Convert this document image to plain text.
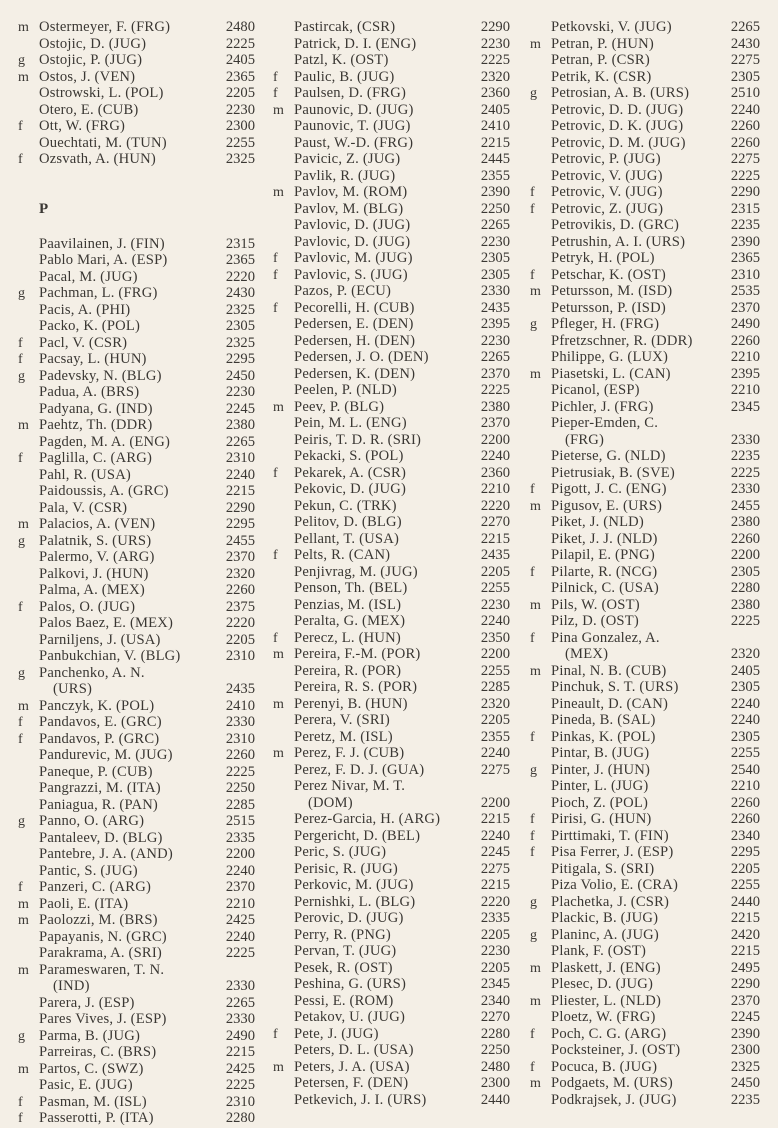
m Ostermeyer, F. (FRG)	2480
Ostojic, D. (JUG)	2225
g Ostojic, P. (JUG)	2405
m Ostos, J. (VEN)	2365
Ostrowski, L. (POL)	2205
Otero, E. (CUB)	2230
f Ott, W. (FRG)	2300
Ouechtati, M. (TUN)	2255
f Ozsvath, A. (HUN)	2325
P
Paavilainen, J. (FIN)	2315
Pablo Mari, A. (ESP)	2365
Pacal, M. (JUG)	2220
g Pachman, L. (FRG)	2430
Pacis, A. (PHI)	2325
Packo, K. (POL)	2305
f Pacl, V. (CSR)	2325
f Pacsay, L. (HUN)	2295
g Padevsky, N. (BLG)	2450
Padua, A. (BRS)	2230
Padyana, G. (IND)	2245
m Paehtz, Th. (DDR)	2380
Pagden, M. A. (ENG)	2265
f Paglilla, C. (ARG)	2310
Pahl, R. (USA)	2240
Paidoussis, A. (GRC)	2215
Pala, V. (CSR)	2290
m Palacios, A. (VEN)	2295
g Palatnik, S. (URS)	2455
Palermo, V. (ARG)	2370
Palkovi, J. (HUN)	2320
Palma, A. (MEX)	2260
f Palos, O. (JUG)	2375
Palos Baez, E. (MEX)	2220
Parniljens, J. (USA)	2205
Panbukchian, V. (BLG)	2310
g Panchenko, A. N.
(URS)	2435
m Panczyk, K. (POL)	2410
f Pandavos, E. (GRC)	2330
f Pandavos, P. (GRC)	2310
Pandurevic, M. (JUG)	2260
Paneque, P. (CUB)	2225
Pangrazzi, M. (ITA)	2250
Paniagua, R. (PAN)	2285
g Panno, O. (ARG)	2515
Pantaleev, D. (BLG)	2335
Pantebre, J. A. (AND)	2200
Pantic, S. (JUG)	2240
f Panzeri, C. (ARG)	2370
m Paoli, E. (ITA)	2210
m Paolozzi, M. (BRS)	2425
Papayanis, N. (GRC)	2240
Parakrama, A. (SRI)	2225
m Parameswaren, T. N.
(IND)	2330
Parera, J. (ESP)	2265
Pares Vives, J. (ESP)	2330
g Parma, B. (JUG)	2490
Parreiras, C. (BRS)	2215
m Partos, C. (SWZ)	2425
Pasic, E. (JUG)	2225
f Pasman, M. (ISL)	2310
f Passerotti, P. (ITA)	2280
Pastircak, (CSR)	2290
Patrick, D. I. (ENG)	2230
Patzl, K. (OST)	2225
f Paulic, B. (JUG)	2320
f Paulsen, D. (FRG)	2360
m Paunovic, D. (JUG)	2405
Paunovic, T. (JUG)	2410
Paust, W.-D. (FRG)	2215
Pavicic, Z. (JUG)	2445
Pavlik, R. (JUG)	2355
m Pavlov, M. (ROM)	2390
Pavlov, M. (BLG)	2250
Pavlovic, D. (JUG)	2265
Pavlovic, D. (JUG)	2230
f Pavlovic, M. (JUG)	2305
f Pavlovic, S. (JUG)	2305
Pazos, P. (ECU)	2330
f Pecorelli, H. (CUB)	2435
Pedersen, E. (DEN)	2395
Pedersen, H. (DEN)	2230
Pedersen, J. O. (DEN)	2265
Pedersen, K. (DEN)	2370
Peelen, P. (NLD)	2225
m Peev, P. (BLG)	2380
Pein, M. L. (ENG)	2370
Peiris, T. D. R. (SRI)	2200
Pekacki, S. (POL)	2240
f Pekarek, A. (CSR)	2360
Pekovic, D. (JUG)	2210
Pekun, C. (TRK)	2220
Pelitov, D. (BLG)	2270
Pellant, T. (USA)	2215
f Pelts, R. (CAN)	2435
Penjivrag, M. (JUG)	2205
Penson, Th. (BEL)	2255
Penzias, M. (ISL)	2230
Peralta, G. (MEX)	2240
f Perecz, L. (HUN)	2350
m Pereira, F.-M. (POR)	2200
Pereira, R. (POR)	2255
Pereira, R. S. (POR)	2285
m Perenyi, B. (HUN)	2320
Perera, V. (SRI)	2205
Peretz, M. (ISL)	2355
m Perez, F. J. (CUB)	2240
Perez, F. D. J. (GUA)	2275
Perez Nivar, M. T.
(DOM)	2200
Perez-Garcia, H. (ARG)	2215
Pergericht, D. (BEL)	2240
Peric, S. (JUG)	2245
Perisic, R. (JUG)	2275
Perkovic, M. (JUG)	2215
Pernishki, L. (BLG)	2220
Perovic, D. (JUG)	2335
Perry, R. (PNG)	2205
Pervan, T. (JUG)	2230
Pesek, R. (OST)	2205
Peshina, G. (URS)	2345
Pessi, E. (ROM)	2340
Petakov, U. (JUG)	2270
f Pete, J. (JUG)	2280
Peters, D. L. (USA)	2250
m Peters, J. A. (USA)	2480
Petersen, F. (DEN)	2300
Petkevich, J. I. (URS)	2440
Petkovski, V. (JUG)	2265
m Petran, P. (HUN)	2430
Petran, P. (CSR)	2275
Petrik, K. (CSR)	2305
g Petrosian, A. B. (URS)	2510
Petrovic, D. D. (JUG)	2240
Petrovic, D. K. (JUG)	2260
Petrovic, D. M. (JUG)	2260
Petrovic, P. (JUG)	2275
Petrovic, V. (JUG)	2225
f Petrovic, V. (JUG)	2290
f Petrovic, Z. (JUG)	2315
Petrovikis, D. (GRC)	2235
Petrushin, A. I. (URS)	2390
Petryk, H. (POL)	2365
f Petschar, K. (OST)	2310
m Petursson, M. (ISD)	2535
Petursson, P. (ISD)	2370
g Pfleger, H. (FRG)	2490
Pfretzschner, R. (DDR)	2260
Philippe, G. (LUX)	2210
m Piasetski, L. (CAN)	2395
Picanol, (ESP)	2210
Pichler, J. (FRG)	2345
Pieper-Emden, C.
(FRG)	2330
Pieterse, G. (NLD)	2235
Pietrusiak, B. (SVE)	2225
f Pigott, J. C. (ENG)	2330
m Pigusov, E. (URS)	2455
Piket, J. (NLD)	2380
Piket, J. J. (NLD)	2260
Pilapil, E. (PNG)	2200
f Pilarte, R. (NCG)	2305
Pilnick, C. (USA)	2280
m Pils, W. (OST)	2380
Pilz, D. (OST)	2225
f Pina Gonzalez, A.
(MEX)	2320
m Pinal, N. B. (CUB)	2405
Pinchuk, S. T. (URS)	2305
Pineault, D. (CAN)	2240
Pineda, B. (SAL)	2240
f Pinkas, K. (POL)	2305
Pintar, B. (JUG)	2255
g Pinter, J. (HUN)	2540
Pinter, L. (JUG)	2210
Pioch, Z. (POL)	2260
f Pirisi, G. (HUN)	2260
f Pirttimaki, T. (FIN)	2340
f Pisa Ferrer, J. (ESP)	2295
Pitigala, S. (SRI)	2205
Piza Volio, E. (CRA)	2255
g Plachetka, J. (CSR)	2440
Plackic, B. (JUG)	2215
g Planinc, A. (JUG)	2420
Plank, F. (OST)	2215
m Plaskett, J. (ENG)	2495
Plesec, D. (JUG)	2290
m Pliester, L. (NLD)	2370
Ploetz, W. (FRG)	2245
f Poch, C. G. (ARG)	2390
Pocksteiner, J. (OST)	2300
f Pocuca, B. (JUG)	2325
m Podgaets, M. (URS)	2450
Podkrajsek, J. (JUG)	2235
